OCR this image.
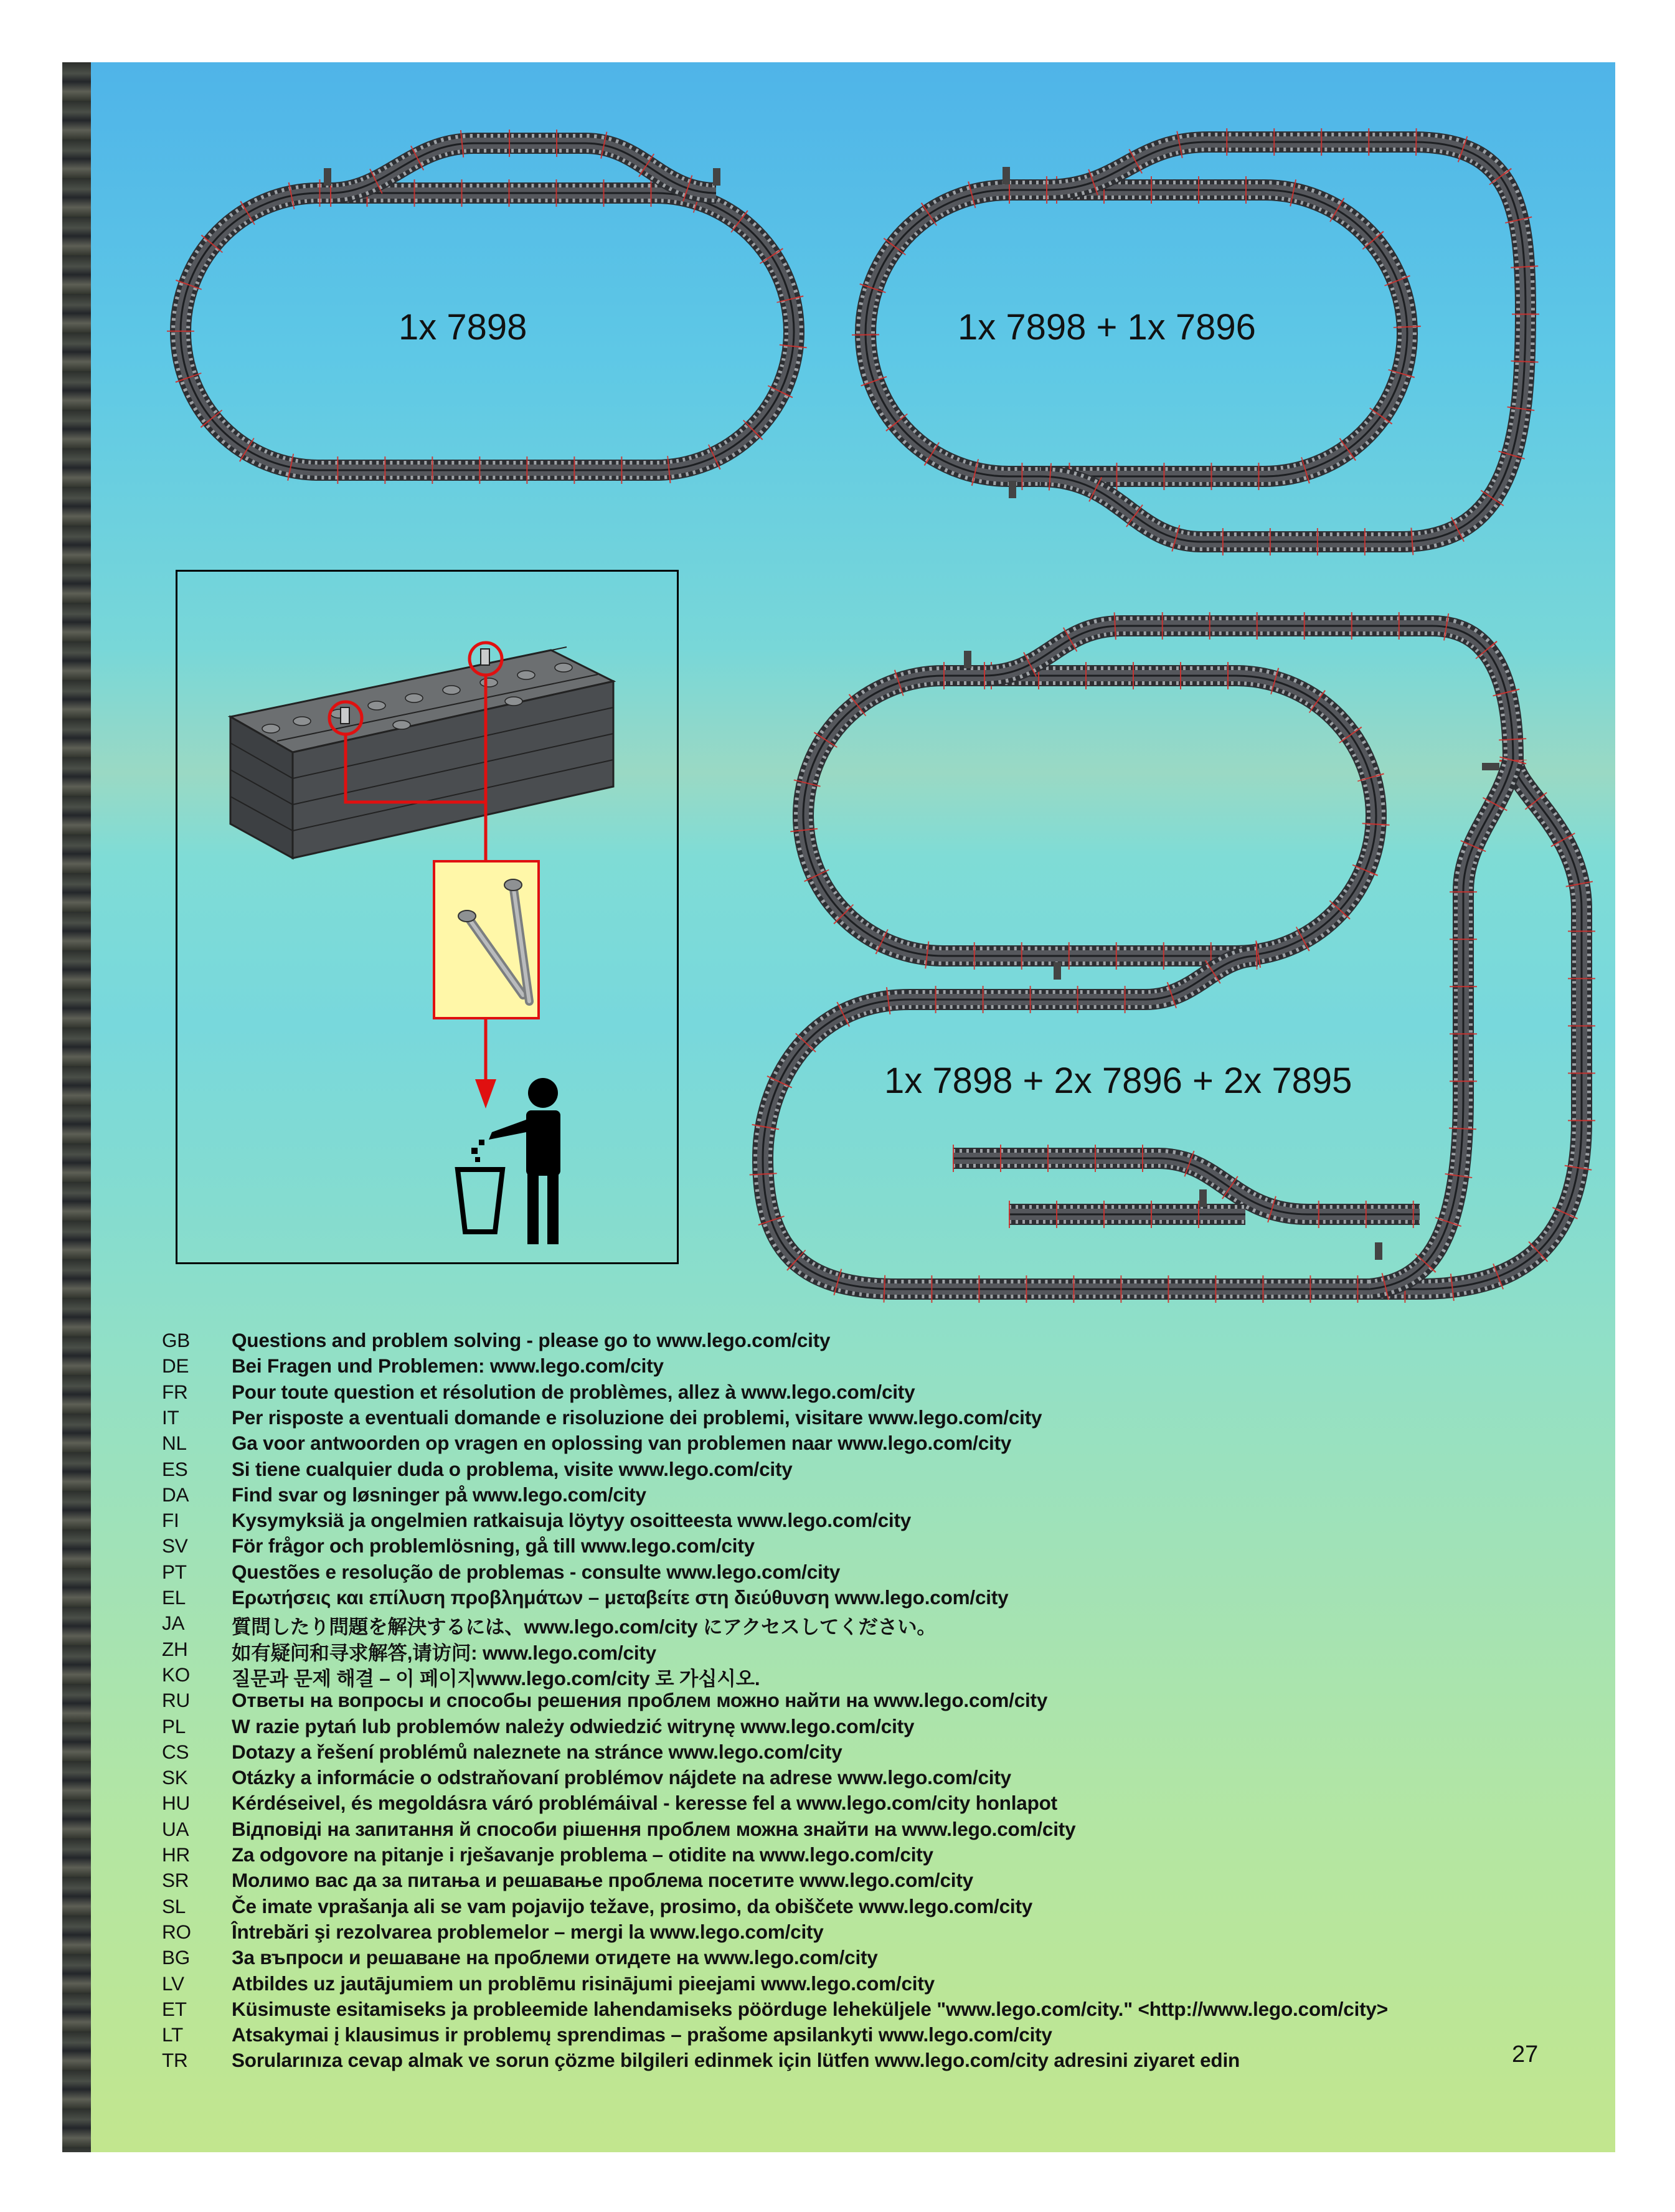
1x 7898	1x 7898 + 1x 7896
1x 7898 + 2x 7896 + 2x 7895
GB Questions and problem solving - please go to www.lego.com/city
DE Bei Fragen und Problemen: www.lego.com/city
FR Pour toute question et résolution de problèmes, allez à www.lego.com/city
IT	Per risposte a eventuali domande e risoluzione dei problemi, visitare www.lego.com/city
NL Ga voor antwoorden op vragen en oplossing van problemen naar www.lego.com/city
ES Si tiene cualquier duda o problema, visite www.lego.com/city
DA Find svar og løsninger på www.lego.com/city
FI	Kysymyksiä ja ongelmien ratkaisuja löytyy osoitteesta www.lego.com/city
SV För frågor och problemlösning, gå till www.lego.com/city
PT Questões e resolução de problemas - consulte www.lego.com/city
EL Ερωτήσεις και επίλυση προβλημάτων – μεταβείτε στη διεύθυνση www.lego.com/city
JA 質問したり問題を解決するには、www.lego.com/city にアクセスしてください。
ZH 如有疑问和寻求解答,请访问: www.lego.com/city
KO 질문과 문제 해결 – 이 페이지www.lego.com/city 로 가십시오.
RU Ответы на вопросы и способы решения проблем можно найти на www.lego.com/city
PL W razie pytań lub problemów należy odwiedzić witrynę www.lego.com/city
CS Dotazy a řešení problémů naleznete na stránce www.lego.com/city
SK Otázky a informácie o odstraňovaní problémov nájdete na adrese www.lego.com/city
HU Kérdéseivel, és megoldásra váró problémáival - keresse fel a www.lego.com/city honlapot
UA Відповіді на запитання й способи рішення проблем можна знайти на www.lego.com/city
HR Za odgovore na pitanje i rješavanje problema – otidite na www.lego.com/city
SR Молимо вас да за питања и решавање проблема посетите www.lego.com/city
SL Če imate vprašanja ali se vam pojavijo težave, prosimo, da obiščete www.lego.com/city
RO Întrebări şi rezolvarea problemelor – mergi la www.lego.com/city
BG За въпроси и решаване на проблеми отидете на www.lego.com/city
LV Atbildes uz jautājumiem un problēmu risinājumi pieejami www.lego.com/city
ET Küsimuste esitamiseks ja probleemide lahendamiseks pöörduge leheküljele "www.lego.com/city." <http://www.lego.com/city>
LT Atsakymai į klausimus ir problemų sprendimas – prašome apsilankyti www.lego.com/city
TR Sorularınıza cevap almak ve sorun çözme bilgileri edinmek için lütfen www.lego.com/city adresini ziyaret edin	27
